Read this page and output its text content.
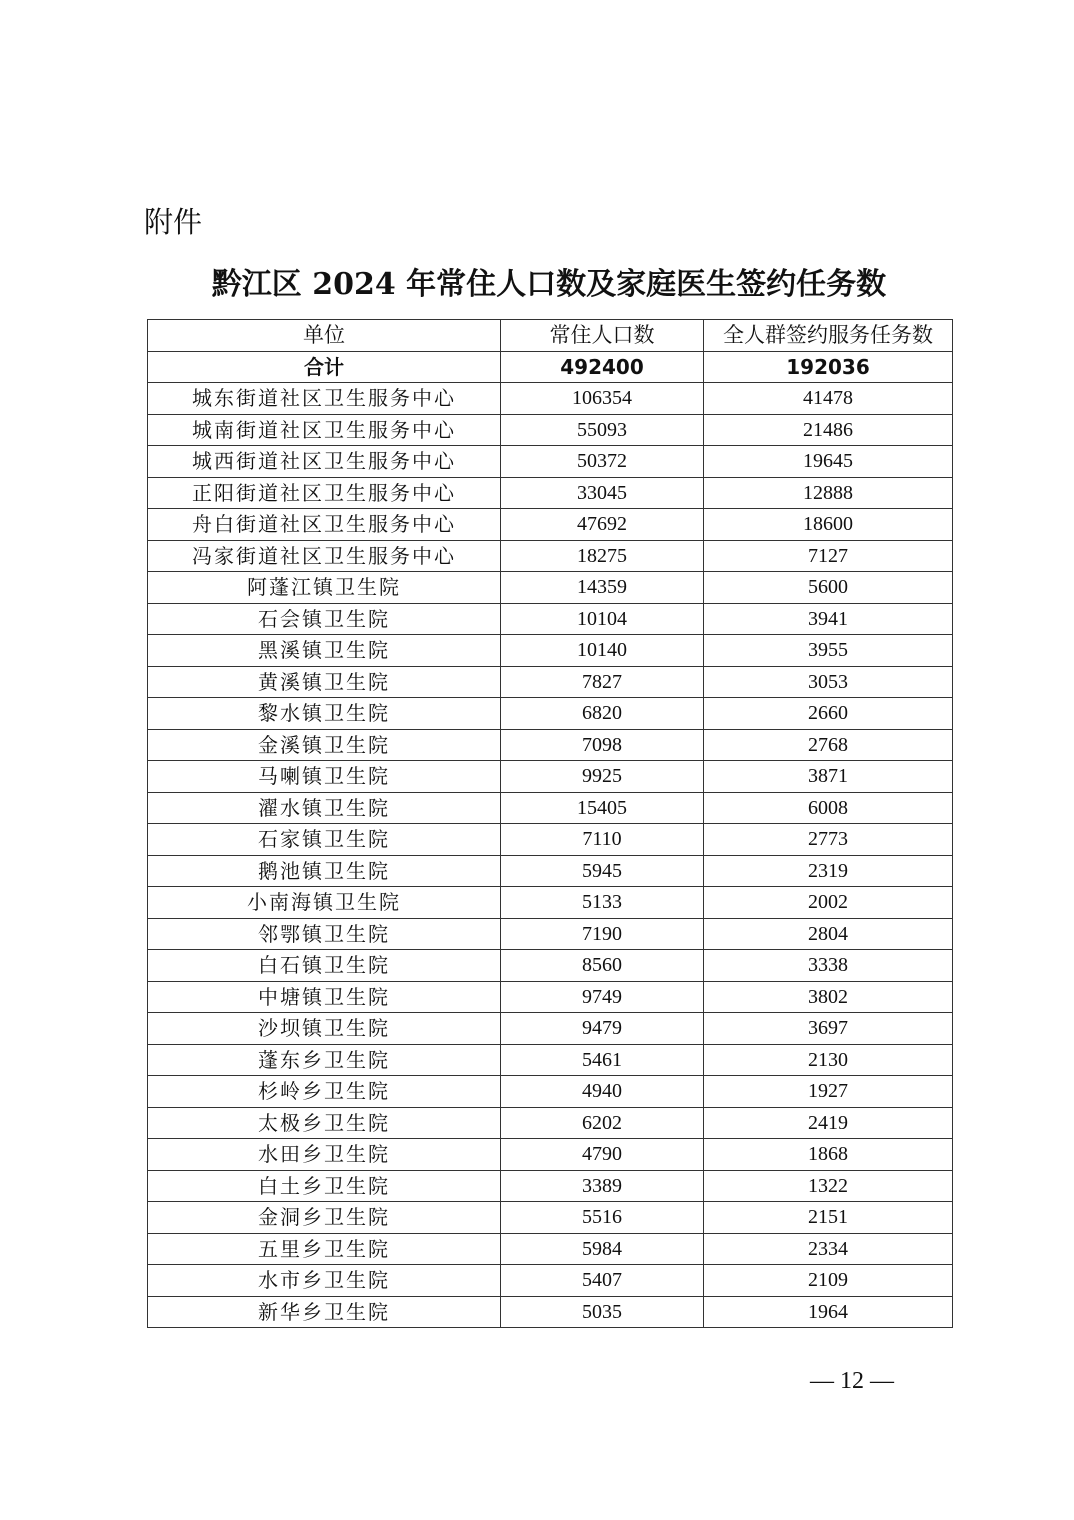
附件
黔江区 2024 年常住人口数及家庭医生签约任务数
单位	常住人口数	全人群签约服务任务数
合计	492400	192036
城东街道社区卫生服务中心	106354	41478
城南街道社区卫生服务中心	55093	21486
城西街道社区卫生服务中心	50372	19645
正阳街道社区卫生服务中心	33045	12888
舟白街道社区卫生服务中心	47692	18600
冯家街道社区卫生服务中心	18275	7127
阿蓬江镇卫生院	14359	5600
石会镇卫生院	10104	3941
黑溪镇卫生院	10140	3955
黄溪镇卫生院	7827	3053
黎水镇卫生院	6820	2660
金溪镇卫生院	7098	2768
马喇镇卫生院	9925	3871
濯水镇卫生院	15405	6008
石家镇卫生院	7110	2773
鹅池镇卫生院	5945	2319
小南海镇卫生院	5133	2002
邻鄂镇卫生院	7190	2804
白石镇卫生院	8560	3338
中塘镇卫生院	9749	3802
沙坝镇卫生院	9479	3697
蓬东乡卫生院	5461	2130
杉岭乡卫生院	4940	1927
太极乡卫生院	6202	2419
水田乡卫生院	4790	1868
白土乡卫生院	3389	1322
金洞乡卫生院	5516	2151
五里乡卫生院	5984	2334
水市乡卫生院	5407	2109
新华乡卫生院	5035	1964
— 12 —
